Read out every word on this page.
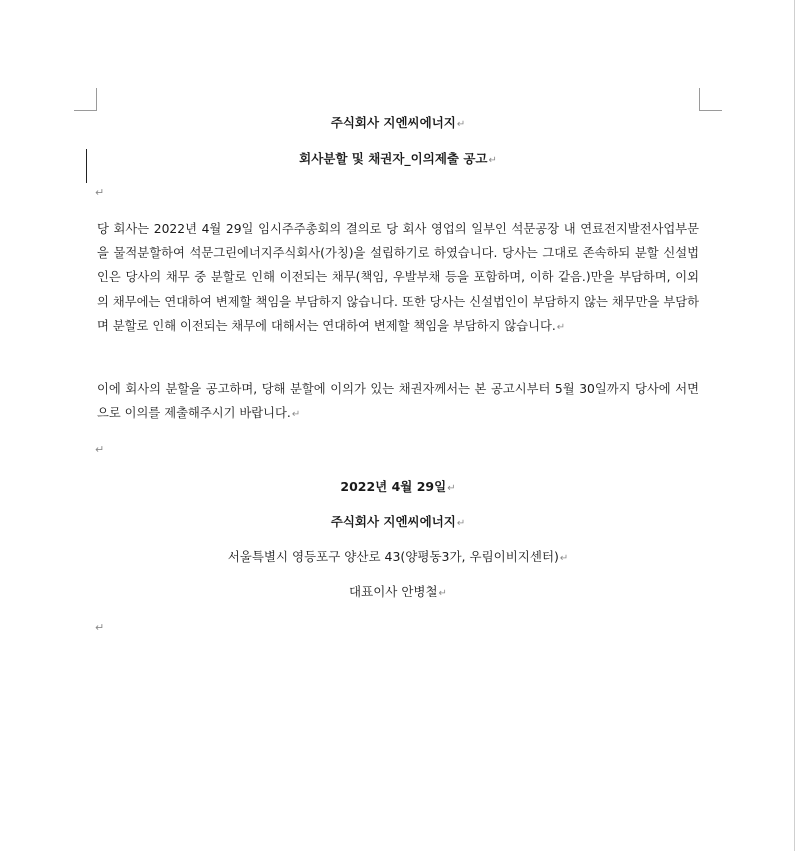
주식회사 지엔씨에너지↵
회사분할 및 채권자_이의제출 공고↵
↵
당 회사는 2022년 4월 29일 임시주주총회의 결의로 당 회사 영업의 일부인 석문공장 내 연료전지발전사업부문을 물적분할하여 석문그린에너지주식회사(가칭)을 설립하기로 하였습니다. 당사는 그대로 존속하되 분할 신설법인은 당사의 채무 중 분할로 인해 이전되는 채무(책임, 우발부채 등을 포함하며, 이하 같음.)만을 부담하며, 이외의 채무에는 연대하여 변제할 책임을 부담하지 않습니다. 또한 당사는 신설법인이 부담하지 않는 채무만을 부담하며 분할로 인해 이전되는 채무에 대해서는 연대하여 변제할 책임을 부담하지 않습니다.↵
이에 회사의 분할을 공고하며, 당해 분할에 이의가 있는 채권자께서는 본 공고시부터 5월 30일까지 당사에 서면으로 이의를 제출해주시기 바랍니다.↵
↵
2022년 4월 29일↵
주식회사 지엔씨에너지↵
서울특별시 영등포구 양산로 43(양평동3가, 우림이비지센터)↵
대표이사 안병철↵
↵
